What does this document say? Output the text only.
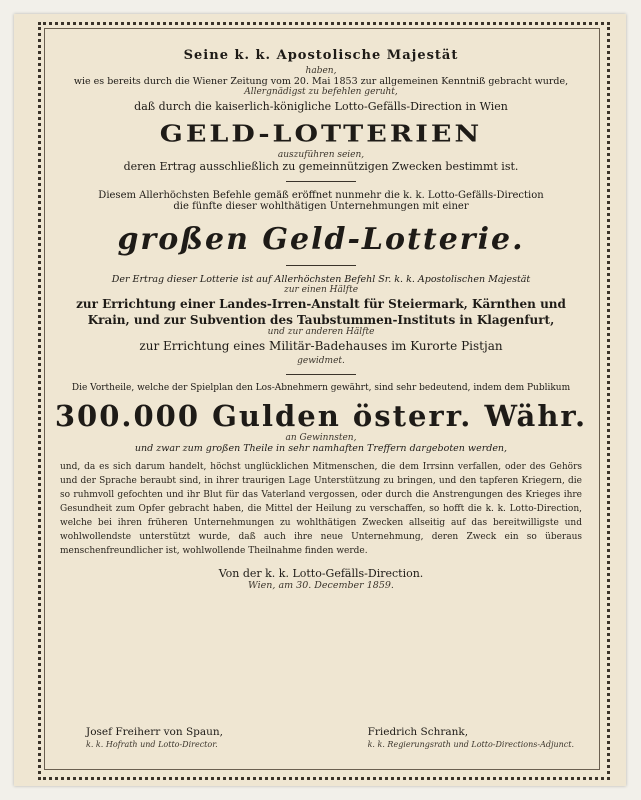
Seine k. k. Apostolische Majestät
haben,
wie es bereits durch die Wiener Zeitung vom 20. Mai 1853 zur allgemeinen Kenntniß gebracht wurde,
Allergnädigst zu befehlen geruht,
daß durch die kaiserlich-königliche Lotto-Gefälls-Direction in Wien
GELD-LOTTERIEN
auszuführen seien,
deren Ertrag ausschließlich zu gemeinnützigen Zwecken bestimmt ist.
Diesem Allerhöchsten Befehle gemäß eröffnet nunmehr die k. k. Lotto-Gefälls-Direction
die fünfte dieser wohlthätigen Unternehmungen mit einer
großen Geld-Lotterie.
Der Ertrag dieser Lotterie ist auf Allerhöchsten Befehl Sr. k. k. Apostolischen Majestät
zur einen Hälfte
zur Errichtung einer Landes-Irren-Anstalt für Steiermark, Kärnthen und
Krain, und zur Subvention des Taubstummen-Instituts in Klagenfurt,
und zur anderen Hälfte
zur Errichtung eines Militär-Badehauses im Kurorte Pistjan
gewidmet.
Die Vortheile, welche der Spielplan den Los-Abnehmern gewährt, sind sehr bedeutend, indem dem Publikum
300.000 Gulden österr. Währ.
an Gewinnsten,
und zwar zum großen Theile in sehr namhaften Treffern dargeboten werden,

und, da es sich darum handelt, höchst unglücklichen Mitmenschen, die dem Irrsinn verfallen, oder des Gehörs und der Sprache beraubt sind, in ihrer traurigen Lage Unterstützung zu bringen, und den tapferen Kriegern, die so ruhmvoll gefochten und ihr Blut für das Vaterland vergossen, oder durch die Anstrengungen des Krieges ihre Gesundheit zum Opfer gebracht haben, die Mittel der Heilung zu verschaffen, so hofft die k. k. Lotto-Direction, welche bei ihren früheren Unternehmungen zu wohlthätigen Zwecken allseitig auf das bereitwilligste und wohlwollendste unterstützt wurde, daß auch ihre neue Unternehmung, deren Zweck ein so überaus menschenfreundlicher ist, wohlwollende Theilnahme finden werde.

Von der k. k. Lotto-Gefälls-Direction.
Wien, am 30. December 1859.
Josef Freiherr von Spaun,
k. k. Hofrath und Lotto-Director.
Friedrich Schrank,
k. k. Regierungsrath und Lotto-Directions-Adjunct.
